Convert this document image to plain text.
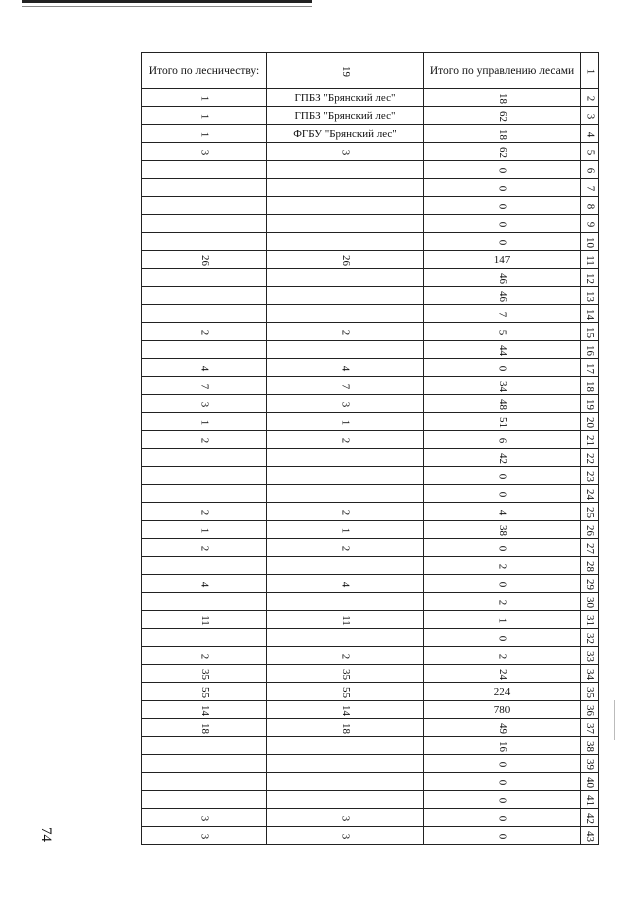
74
Итого по лесничеству:	19	Итого по управлению лесами	1
1	ГПБЗ "Брянский лес"	18	2
1	ГПБЗ "Брянский лес"	62	3
1	ФГБУ "Брянский лес"	18	4
3	3	62	5
		0	6
		0	7
		0	8
		0	9
		0	10
26	26	147	11
		46	12
		46	13
		7	14
2	2	5	15
		44	16
4	4	0	17
7	7	34	18
3	3	48	19
1	1	51	20
2	2	6	21
		42	22
		0	23
		0	24
2	2	4	25
1	1	38	26
2	2	0	27
		2	28
4	4	0	29
		2	30
11	11	1	31
		0	32
2	2	2	33
35	35	24	34
55	55	224	35
14	14	780	36
18	18	49	37
		16	38
		0	39
		0	40
		0	41
3	3	0	42
3	3	0	43
